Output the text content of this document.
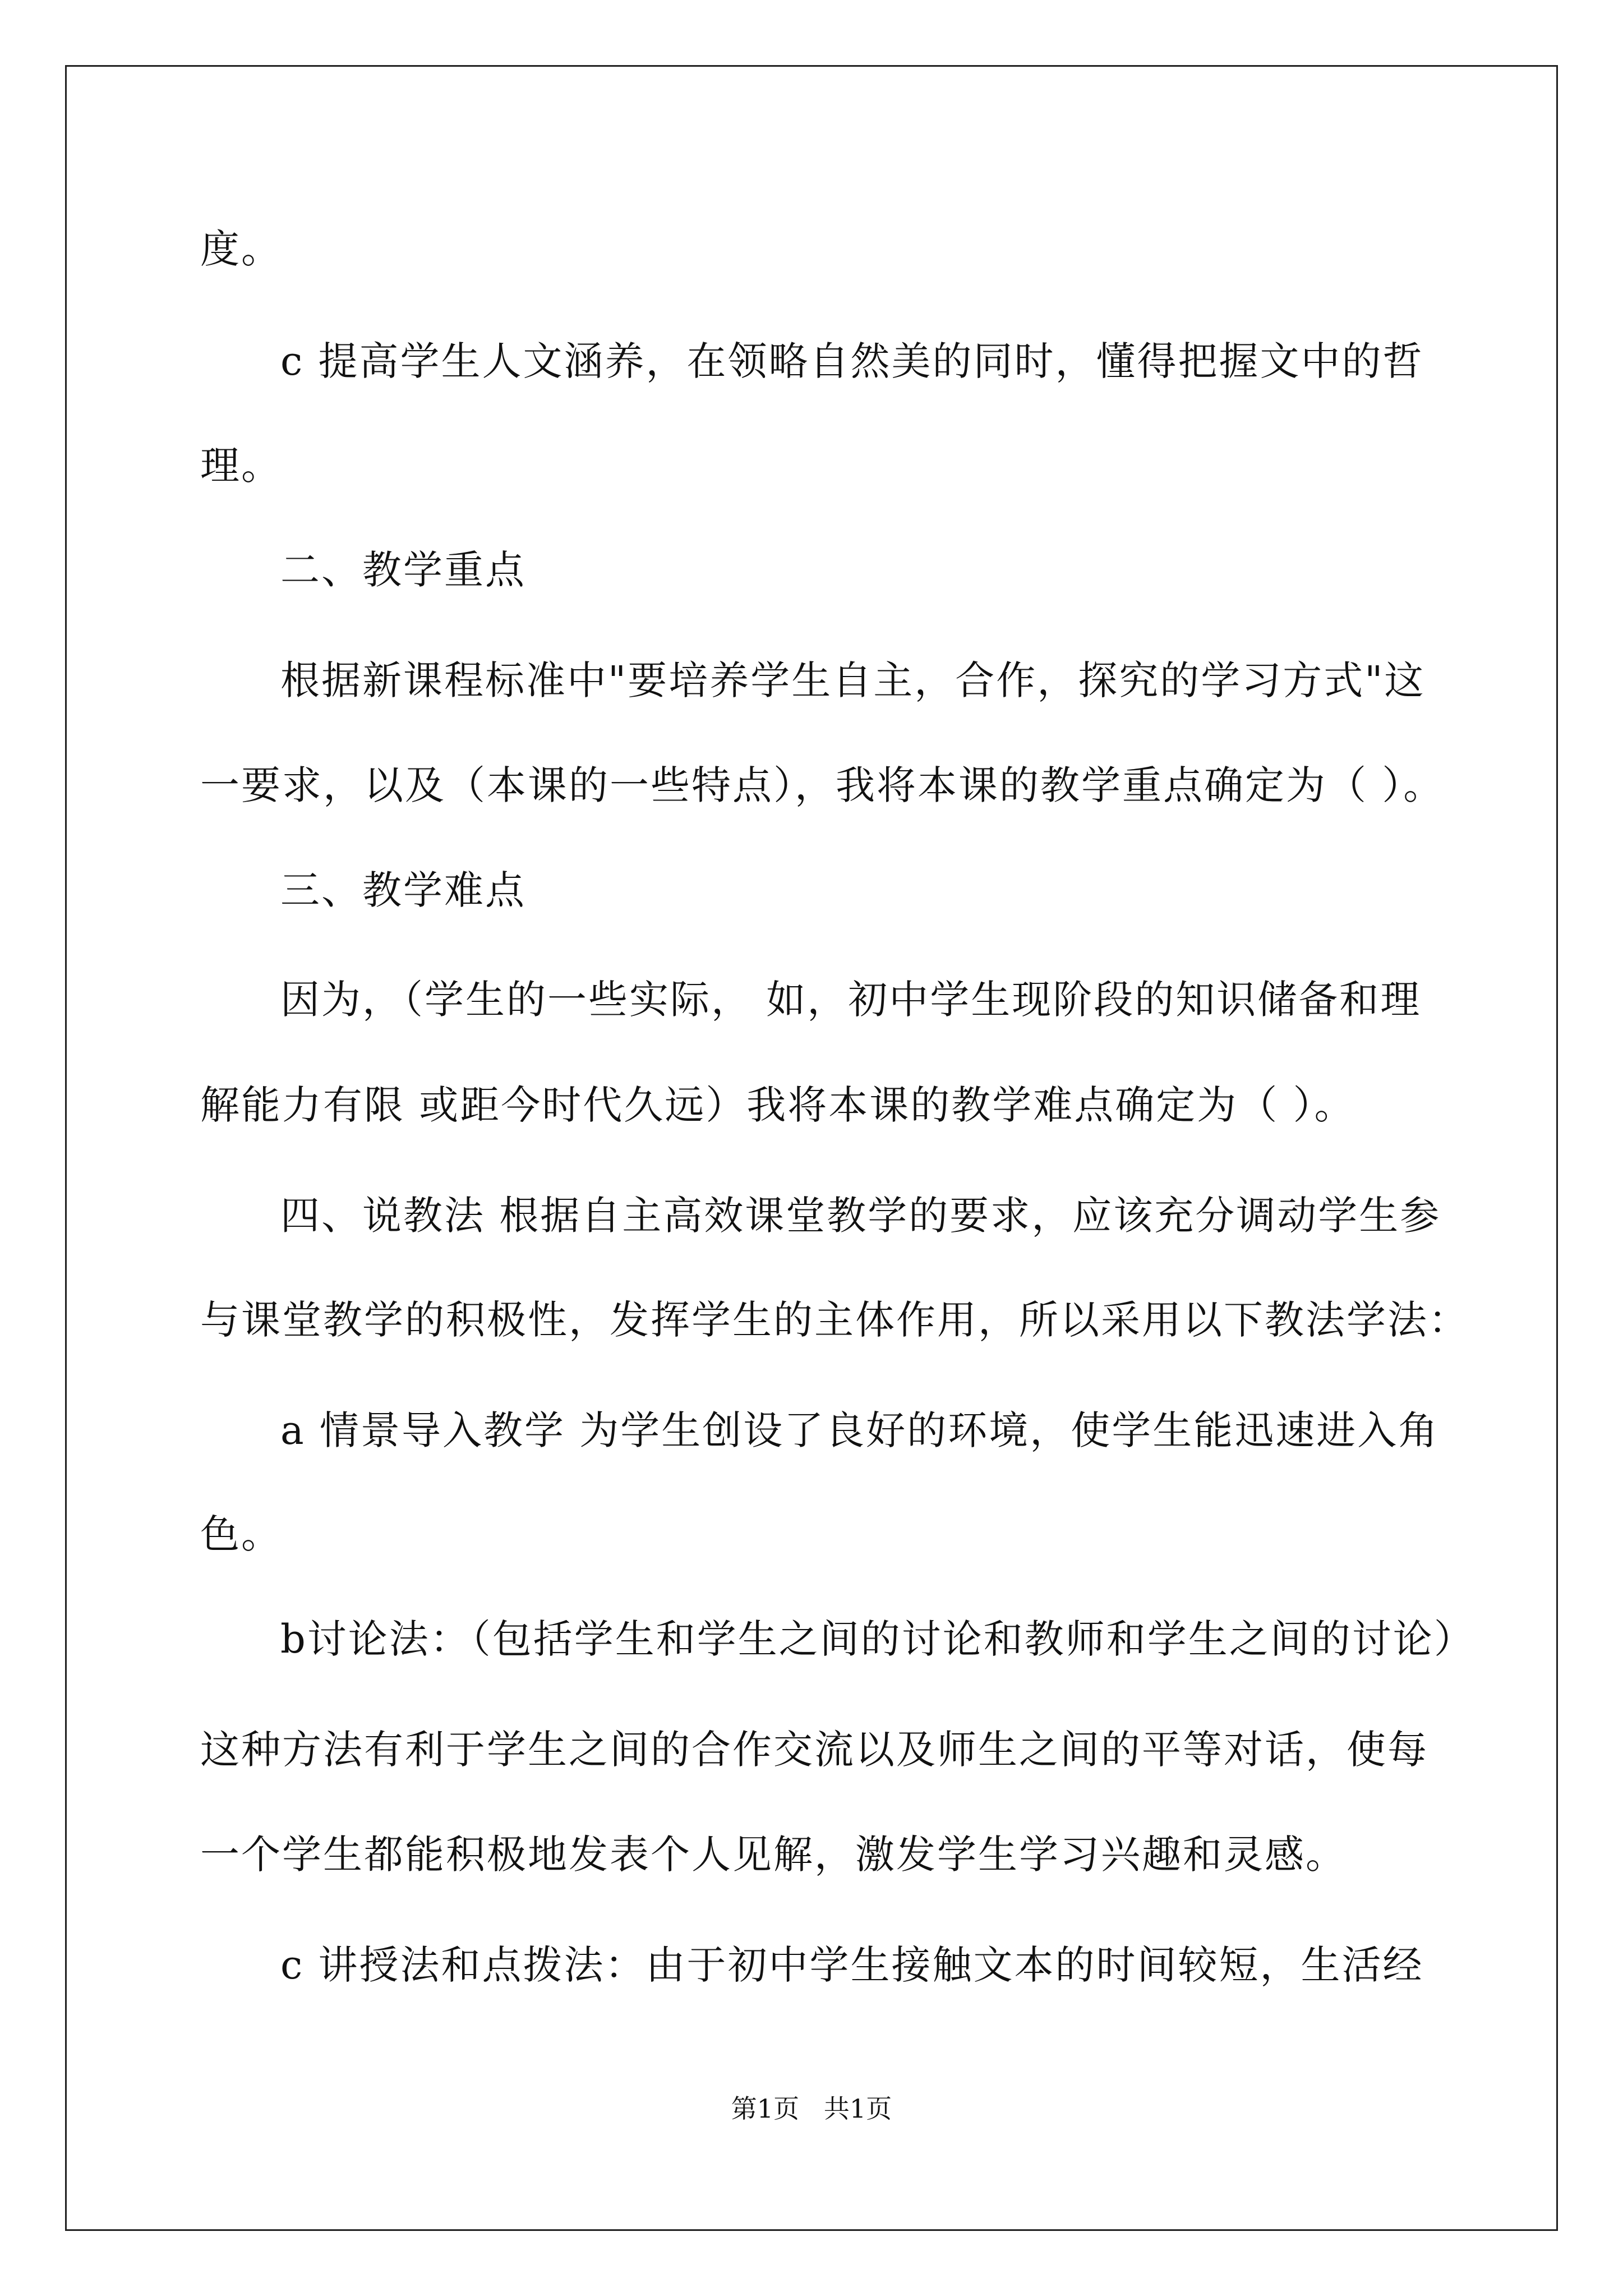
度。
c 提高学生人文涵养，在领略自然美的同时，懂得把握文中的哲
理。
二、教学重点
根据新课程标准中"要培养学生自主，合作，探究的学习方式"这
一要求，以及（本课的一些特点），我将本课的教学重点确定为（ ）。
三、教学难点
因为，（学生的一些实际， 如，初中学生现阶段的知识储备和理
解能力有限 或距今时代久远）我将本课的教学难点确定为（ ）。
四、说教法 根据自主高效课堂教学的要求，应该充分调动学生参
与课堂教学的积极性，发挥学生的主体作用，所以采用以下教法学法：
a 情景导入教学 为学生创设了良好的环境，使学生能迅速进入角
色。
b讨论法：（包括学生和学生之间的讨论和教师和学生之间的讨论）
这种方法有利于学生之间的合作交流以及师生之间的平等对话，使每
一个学生都能积极地发表个人见解，激发学生学习兴趣和灵感。
c 讲授法和点拨法：由于初中学生接触文本的时间较短，生活经
第1页   共1页
